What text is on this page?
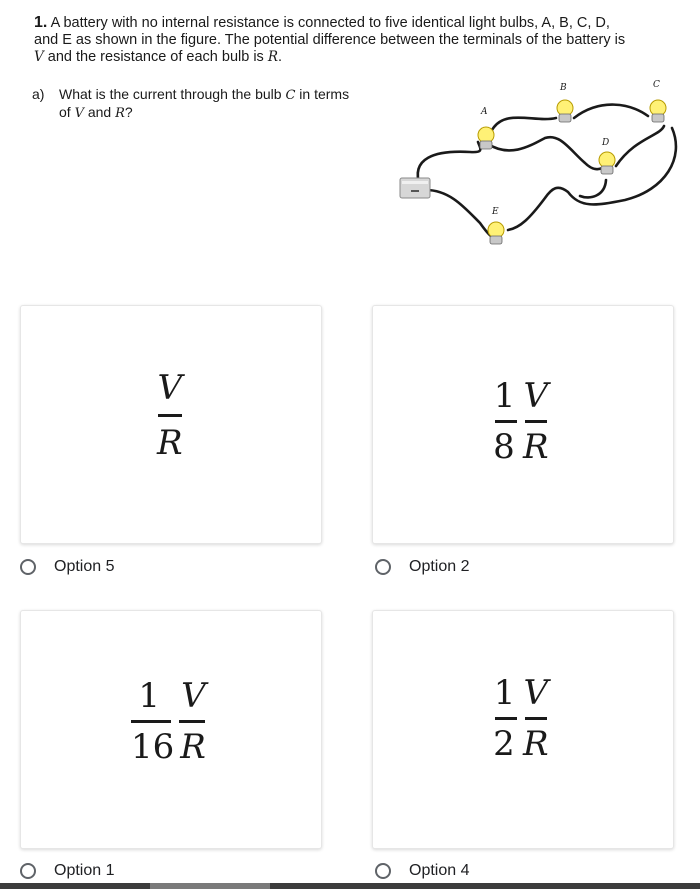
1. A battery with no internal resistance is connected to five identical light bulbs, A, B, C, D,
and E as shown in the figure. The potential difference between the terminals of the battery is
V and the resistance of each bulb is R.
a) What is the current through the bulb C in terms
of V and R?	A
B	C
D
E
V
R
Option 5
1 V
8 R
Option 2
1 V
16 R
Option 1
1 V
2 R
Option 4
